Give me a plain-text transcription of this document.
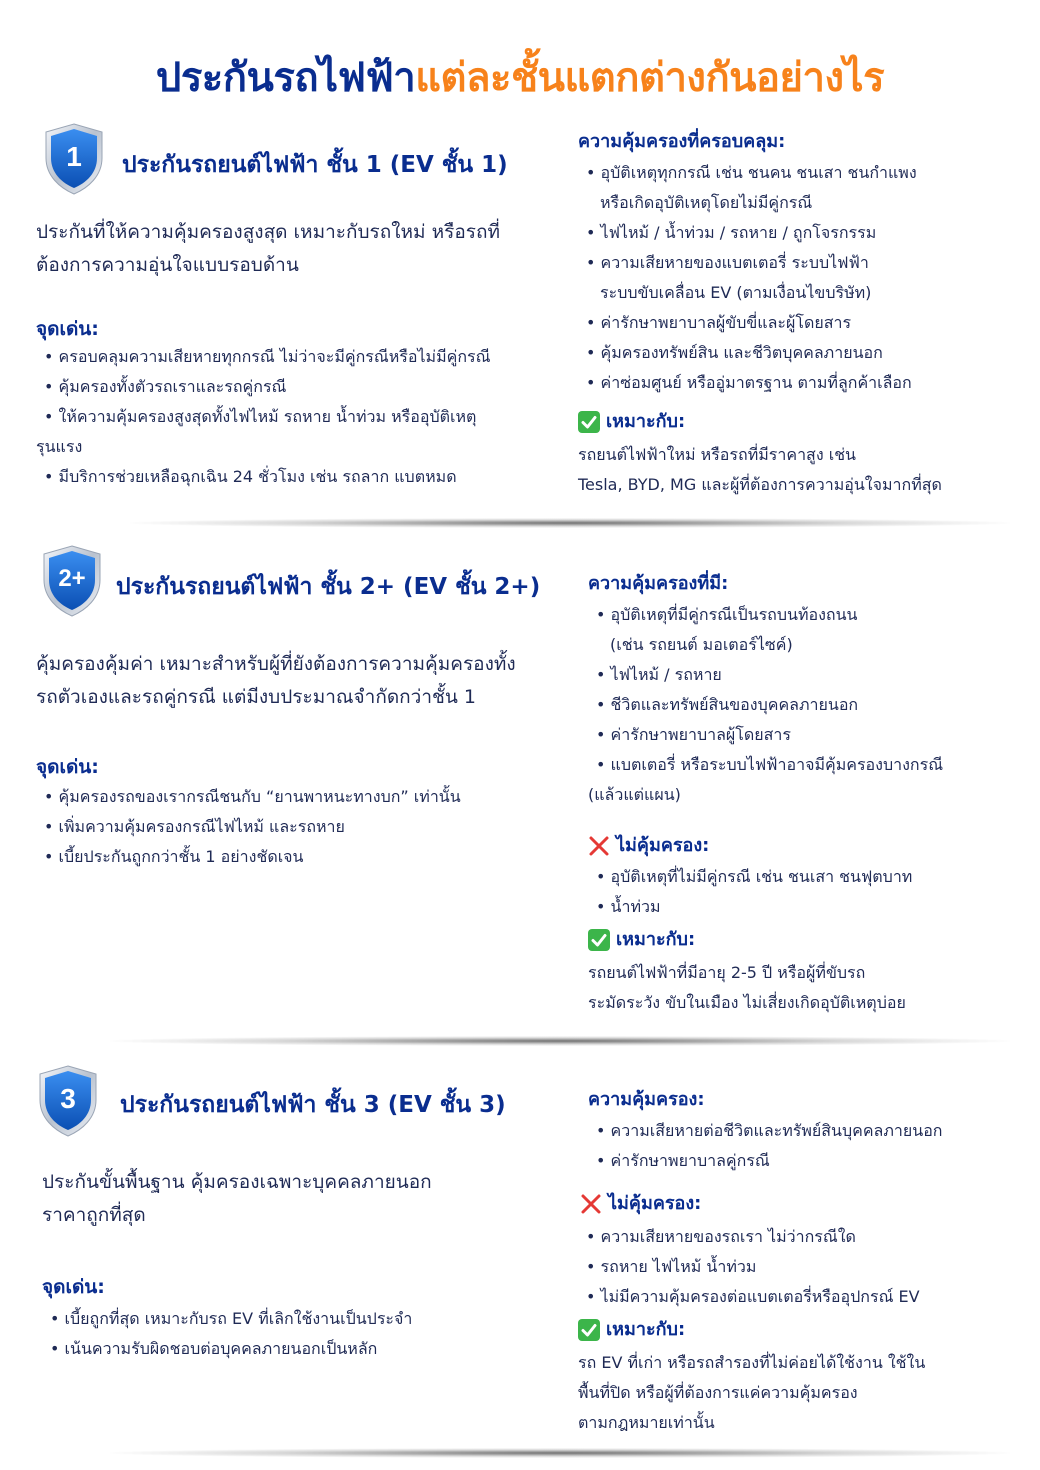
ประกันรถไฟฟ้าแต่ละชั้นแตกต่างกันอย่างไร
1 ประกันรถยนต์ไฟฟ้า ชั้น 1 (EV ชั้น 1)
ประกันที่ให้ความคุ้มครองสูงสุด เหมาะกับรถใหม่ หรือรถที่
ต้องการความอุ่นใจแบบรอบด้าน
จุดเด่น:
• ครอบคลุมความเสียหายทุกกรณี ไม่ว่าจะมีคู่กรณีหรือไม่มีคู่กรณี
• คุ้มครองทั้งตัวรถเราและรถคู่กรณี
• ให้ความคุ้มครองสูงสุดทั้งไฟไหม้ รถหาย น้ำท่วม หรืออุบัติเหตุ
รุนแรง
• มีบริการช่วยเหลือฉุกเฉิน 24 ชั่วโมง เช่น รถลาก แบตหมด
ความคุ้มครองที่ครอบคลุม:
• อุบัติเหตุทุกกรณี เช่น ชนคน ชนเสา ชนกำแพง
หรือเกิดอุบัติเหตุโดยไม่มีคู่กรณี
• ไฟไหม้ / น้ำท่วม / รถหาย / ถูกโจรกรรม
• ความเสียหายของแบตเตอรี่ ระบบไฟฟ้า
ระบบขับเคลื่อน EV (ตามเงื่อนไขบริษัท)
• ค่ารักษาพยาบาลผู้ขับขี่และผู้โดยสาร
• คุ้มครองทรัพย์สิน และชีวิตบุคคลภายนอก
• ค่าซ่อมศูนย์ หรืออู่มาตรฐาน ตามที่ลูกค้าเลือก
เหมาะกับ:
รถยนต์ไฟฟ้าใหม่ หรือรถที่มีราคาสูง เช่น
Tesla, BYD, MG และผู้ที่ต้องการความอุ่นใจมากที่สุด
2+ ประกันรถยนต์ไฟฟ้า ชั้น 2+ (EV ชั้น 2+)
คุ้มครองคุ้มค่า เหมาะสำหรับผู้ที่ยังต้องการความคุ้มครองทั้ง
รถตัวเองและรถคู่กรณี แต่มีงบประมาณจำกัดกว่าชั้น 1
จุดเด่น:
• คุ้มครองรถของเรากรณีชนกับ “ยานพาหนะทางบก” เท่านั้น
• เพิ่มความคุ้มครองกรณีไฟไหม้ และรถหาย
• เบี้ยประกันถูกกว่าชั้น 1 อย่างชัดเจน
ความคุ้มครองที่มี:
• อุบัติเหตุที่มีคู่กรณีเป็นรถบนท้องถนน
(เช่น รถยนต์ มอเตอร์ไซค์)
• ไฟไหม้ / รถหาย
• ชีวิตและทรัพย์สินของบุคคลภายนอก
• ค่ารักษาพยาบาลผู้โดยสาร
• แบตเตอรี่ หรือระบบไฟฟ้าอาจมีคุ้มครองบางกรณี
(แล้วแต่แผน)
ไม่คุ้มครอง:
• อุบัติเหตุที่ไม่มีคู่กรณี เช่น ชนเสา ชนฟุตบาท
• น้ำท่วม
เหมาะกับ:
รถยนต์ไฟฟ้าที่มีอายุ 2-5 ปี หรือผู้ที่ขับรถ
ระมัดระวัง ขับในเมือง ไม่เสี่ยงเกิดอุบัติเหตุบ่อย
3 ประกันรถยนต์ไฟฟ้า ชั้น 3 (EV ชั้น 3)
ประกันขั้นพื้นฐาน คุ้มครองเฉพาะบุคคลภายนอก
ราคาถูกที่สุด
จุดเด่น:
• เบี้ยถูกที่สุด เหมาะกับรถ EV ที่เลิกใช้งานเป็นประจำ
• เน้นความรับผิดชอบต่อบุคคลภายนอกเป็นหลัก
ความคุ้มครอง:
• ความเสียหายต่อชีวิตและทรัพย์สินบุคคลภายนอก
• ค่ารักษาพยาบาลคู่กรณี
ไม่คุ้มครอง:
• ความเสียหายของรถเรา ไม่ว่ากรณีใด
• รถหาย ไฟไหม้ น้ำท่วม
• ไม่มีความคุ้มครองต่อแบตเตอรี่หรืออุปกรณ์ EV
เหมาะกับ:
รถ EV ที่เก่า หรือรถสำรองที่ไม่ค่อยได้ใช้งาน ใช้ใน
พื้นที่ปิด หรือผู้ที่ต้องการแค่ความคุ้มครอง
ตามกฎหมายเท่านั้น
